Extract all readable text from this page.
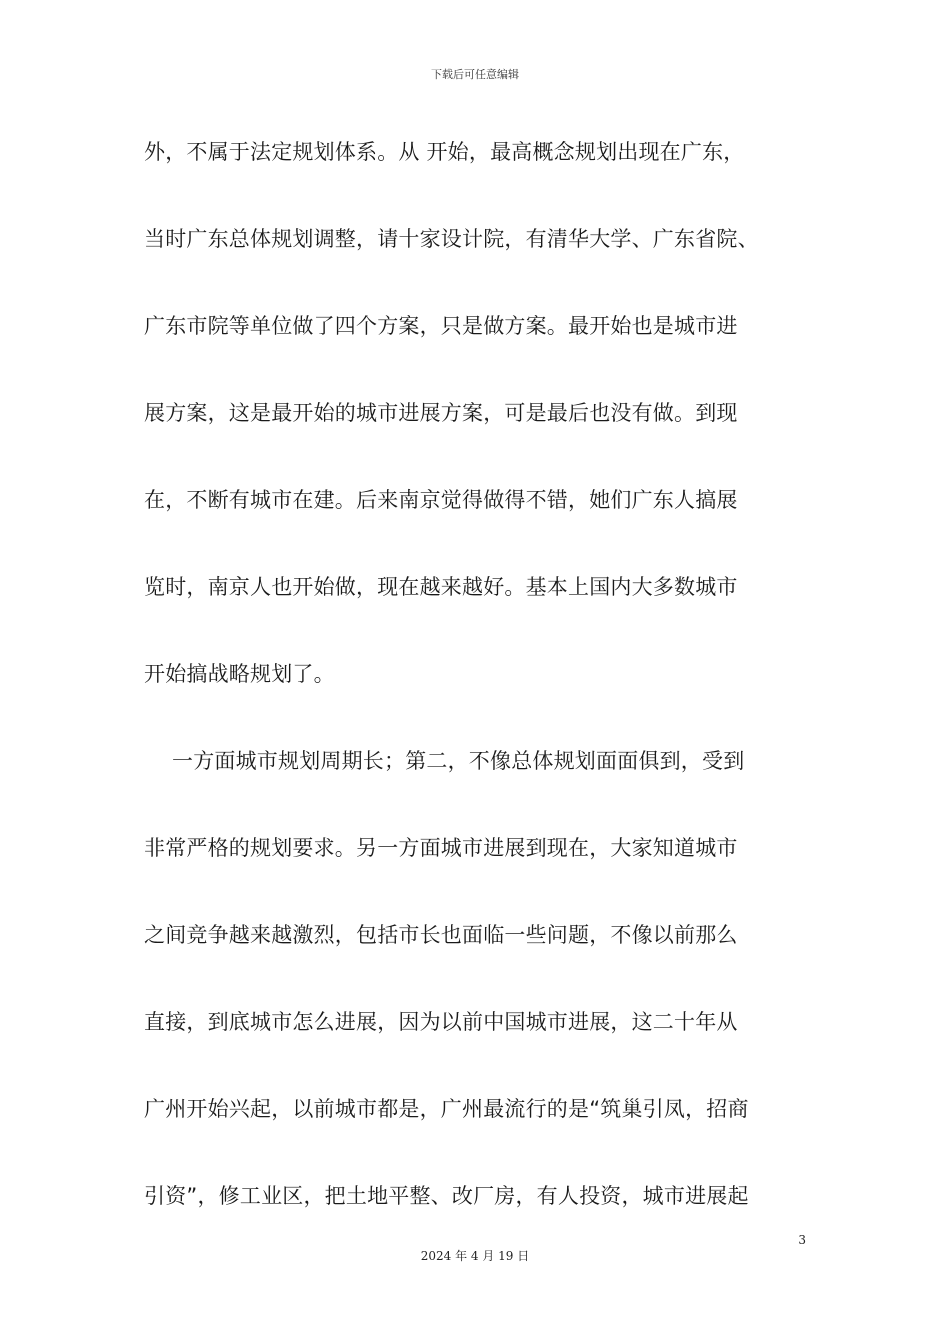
下载后可任意编辑
外，不属于法定规划体系。从 开始，最高概念规划出现在广东，
当时广东总体规划调整，请十家设计院，有清华大学、广东省院、
广东市院等单位做了四个方案，只是做方案。最开始也是城市进
展方案，这是最开始的城市进展方案，可是最后也没有做。到现
在，不断有城市在建。后来南京觉得做得不错，她们广东人搞展
览时，南京人也开始做，现在越来越好。基本上国内大多数城市
开始搞战略规划了。
一方面城市规划周期长；第二，不像总体规划面面俱到，受到
非常严格的规划要求。另一方面城市进展到现在，大家知道城市
之间竞争越来越激烈，包括市长也面临一些问题，不像以前那么
直接，到底城市怎么进展，因为以前中国城市进展，这二十年从
广州开始兴起，以前城市都是，广州最流行的是“筑巢引凤，招商
引资”，修工业区，把土地平整、改厂房，有人投资，城市进展起
3
2024 年 4 月 19 日
